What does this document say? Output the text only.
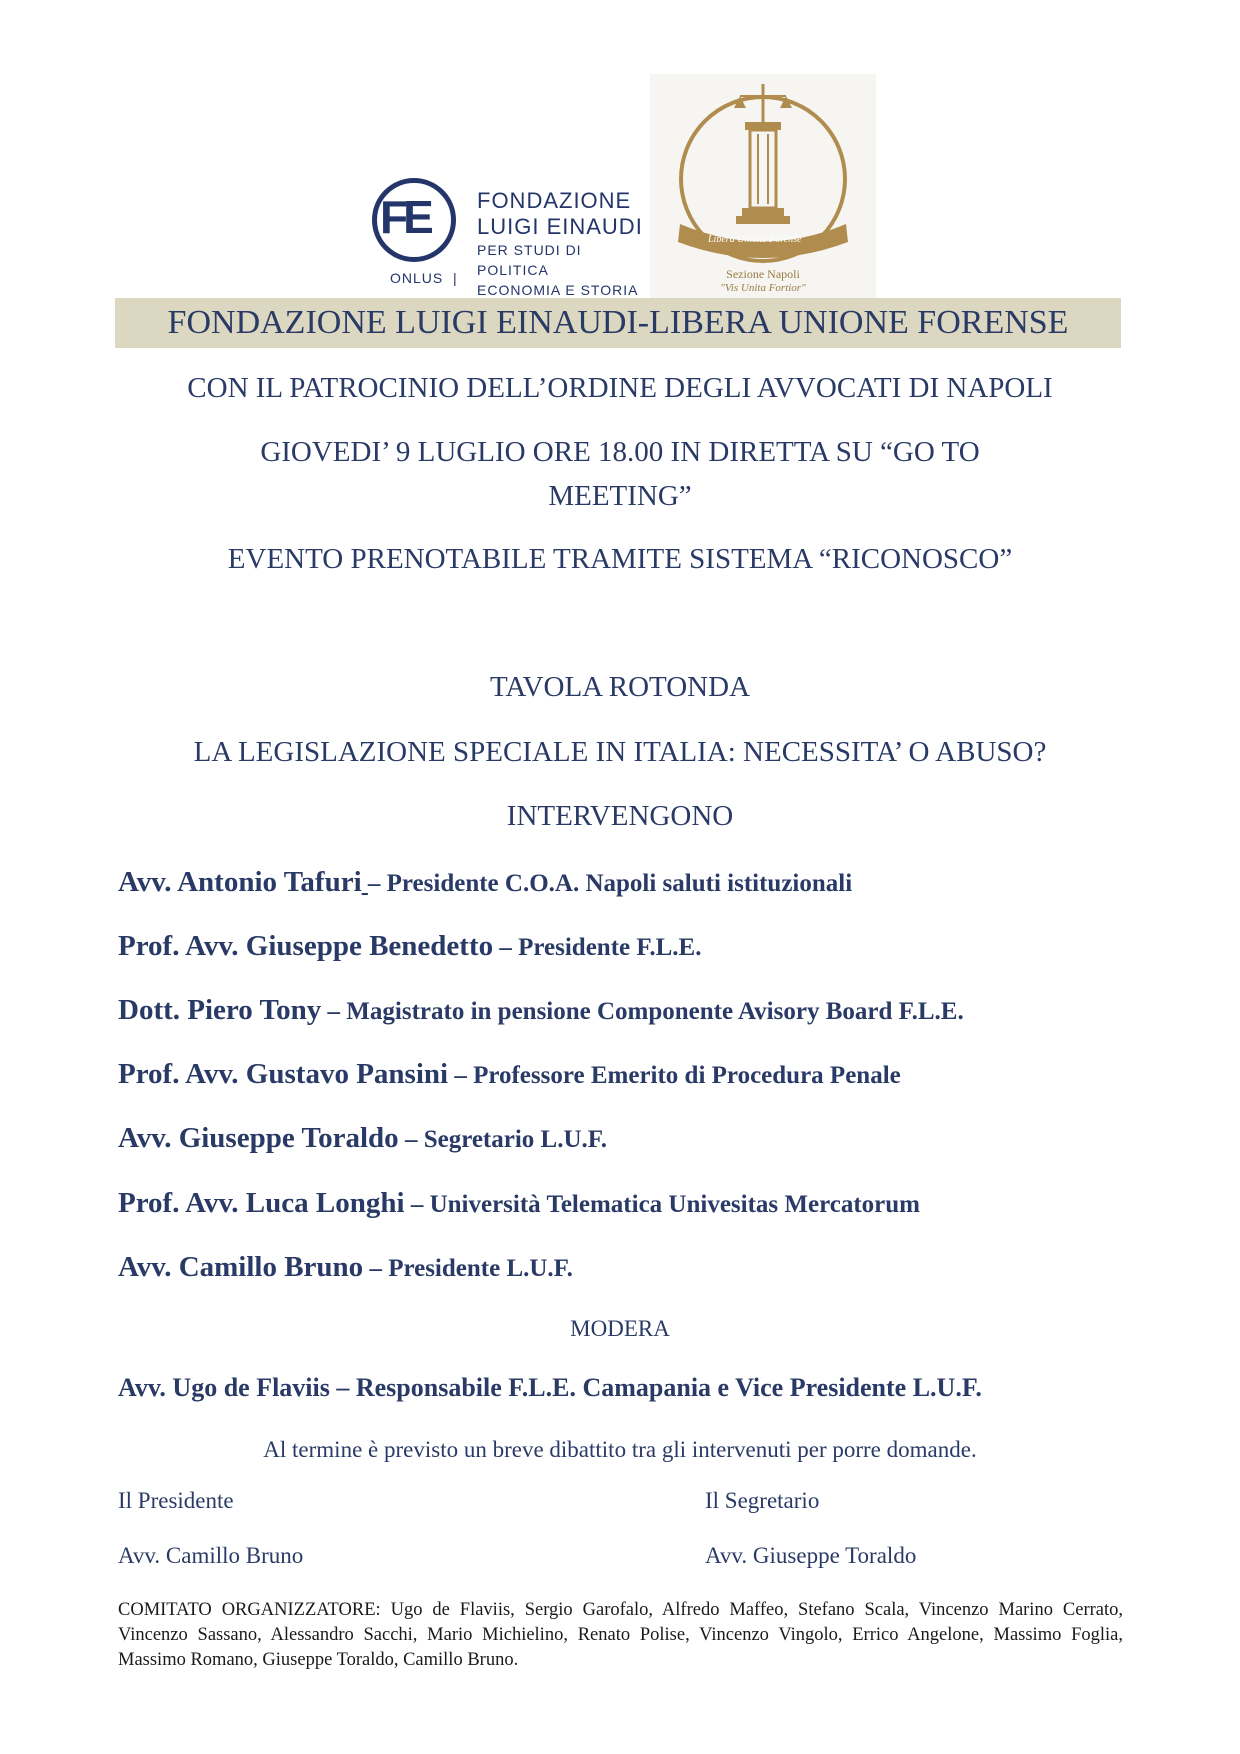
FE FONDAZIONE
LUIGI EINAUDI
PER STUDI DI POLITICA
ECONOMIA E STORIA
ONLUS |
Libera Unione Forense
Sezione Napoli
"Vis Unita Fortior"
FONDAZIONE LUIGI EINAUDI-LIBERA UNIONE FORENSE
CON IL PATROCINIO DELL’ORDINE DEGLI AVVOCATI DI NAPOLI
GIOVEDI’ 9 LUGLIO ORE 18.00 IN DIRETTA SU “GO TO MEETING”
EVENTO PRENOTABILE TRAMITE SISTEMA “RICONOSCO”
TAVOLA ROTONDA
LA LEGISLAZIONE SPECIALE IN ITALIA: NECESSITA’ O ABUSO?
INTERVENGONO
Avv. Antonio Tafuri – Presidente C.O.A. Napoli saluti istituzionali
Prof. Avv. Giuseppe Benedetto – Presidente F.L.E.
Dott. Piero Tony – Magistrato in pensione Componente Avisory Board F.L.E.
Prof. Avv. Gustavo Pansini – Professore Emerito di Procedura Penale
Avv. Giuseppe Toraldo – Segretario L.U.F.
Prof. Avv. Luca Longhi – Università Telematica Univesitas Mercatorum
Avv. Camillo Bruno – Presidente L.U.F.
MODERA
Avv. Ugo de Flaviis – Responsabile F.L.E. Camapania e Vice Presidente L.U.F.
Al termine è previsto un breve dibattito tra gli intervenuti per porre domande.
Il Presidente
Avv. Camillo Bruno
Il Segretario
Avv. Giuseppe Toraldo
COMITATO ORGANIZZATORE: Ugo de Flaviis, Sergio Garofalo, Alfredo Maffeo, Stefano Scala, Vincenzo Marino Cerrato, Vincenzo Sassano, Alessandro Sacchi, Mario Michielino, Renato Polise, Vincenzo Vingolo, Errico Angelone, Massimo Foglia, Massimo Romano, Giuseppe Toraldo, Camillo Bruno.
